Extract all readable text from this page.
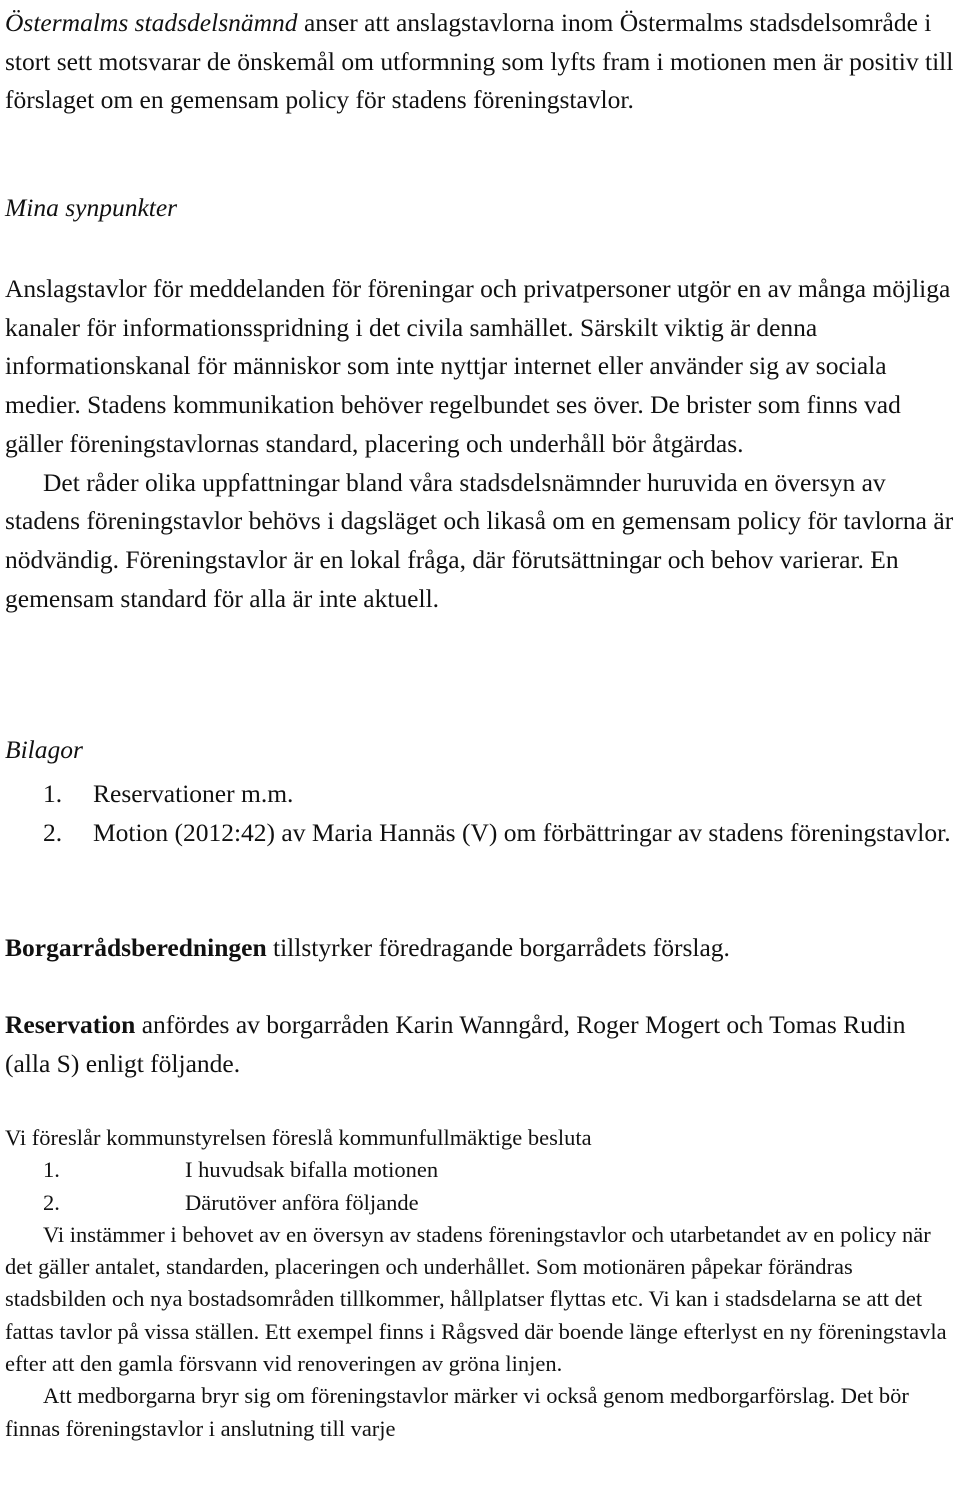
Östermalms stadsdelsnämnd anser att anslagstavlorna inom Östermalms stadsdelsområde i stort sett motsvarar de önskemål om utformning som lyfts fram i motionen men är positiv till förslaget om en gemensam policy för stadens föreningstavlor.
Mina synpunkter
Anslagstavlor för meddelanden för föreningar och privatpersoner utgör en av många möjliga kanaler för informationsspridning i det civila samhället. Särskilt viktig är denna informationskanal för människor som inte nyttjar internet eller använder sig av sociala medier. Stadens kommunikation behöver regelbundet ses över. De brister som finns vad gäller föreningstavlornas standard, placering och underhåll bör åtgärdas.
Det råder olika uppfattningar bland våra stadsdelsnämnder huruvida en översyn av stadens föreningstavlor behövs i dagsläget och likaså om en gemensam policy för tavlorna är nödvändig. Föreningstavlor är en lokal fråga, där förutsättningar och behov varierar. En gemensam standard för alla är inte aktuell.
Bilagor
1.	Reservationer m.m.
2.	Motion (2012:42) av Maria Hannäs (V) om förbättringar av stadens föreningstavlor.
Borgarrådsberedningen tillstyrker föredragande borgarrådets förslag.
Reservation anfördes av borgarråden Karin Wanngård, Roger Mogert och Tomas Rudin (alla S) enligt följande.
Vi föreslår kommunstyrelsen föreslå kommunfullmäktige besluta
1.	I huvudsak bifalla motionen
2.	Därutöver anföra följande
Vi instämmer i behovet av en översyn av stadens föreningstavlor och utarbetandet av en policy när det gäller antalet, standarden, placeringen och underhållet. Som motionären påpekar förändras stadsbilden och nya bostadsområden tillkommer, hållplatser flyttas etc. Vi kan i stadsdelarna se att det fattas tavlor på vissa ställen. Ett exempel finns i Rågsved där boende länge efterlyst en ny föreningstavla efter att den gamla försvann vid renoveringen av gröna linjen.
Att medborgarna bryr sig om föreningstavlor märker vi också genom medborgarförslag. Det bör finnas föreningstavlor i anslutning till varje
